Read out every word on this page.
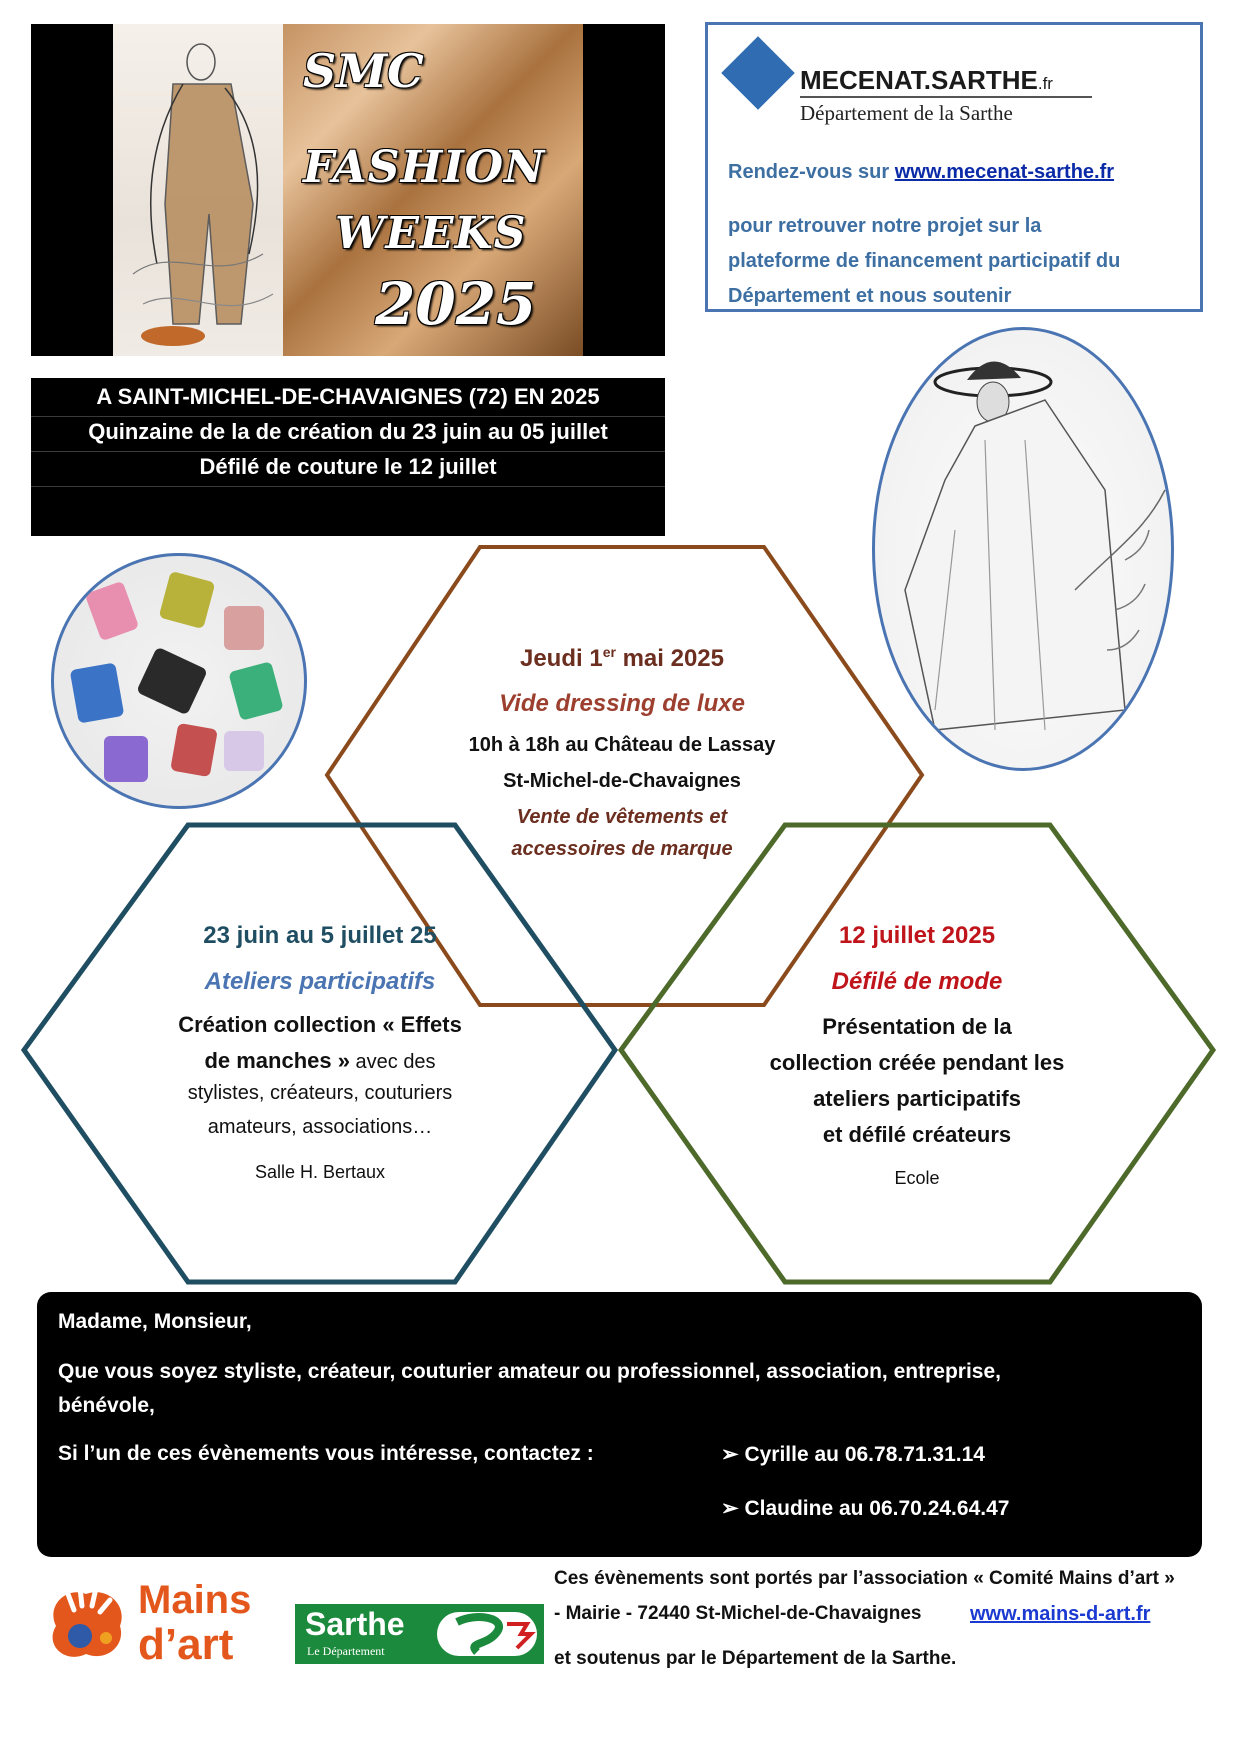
SMC
FASHION
WEEKS
2025
MECENAT.SARTHE.fr
Département de la Sarthe
Rendez-vous sur www.mecenat-sarthe.fr
pour retrouver notre projet sur la
plateforme de financement participatif du
Département et nous soutenir
A SAINT-MICHEL-DE-CHAVAIGNES (72) EN 2025
Quinzaine de la de création du 23 juin au 05 juillet
Défilé de couture le 12 juillet
Jeudi 1er mai 2025
Vide dressing de luxe
10h à 18h au Château de Lassay
St-Michel-de-Chavaignes
Vente de vêtements et
accessoires de marque
23 juin au 5 juillet 25
Ateliers participatifs
Création collection « Effets
de manches » avec des
stylistes, créateurs, couturiers
amateurs, associations…
Salle H. Bertaux
12 juillet 2025
Défilé de mode
Présentation de la
collection créée pendant les
ateliers participatifs
et défilé créateurs
Ecole
Madame, Monsieur,
Que vous soyez styliste, créateur, couturier amateur ou professionnel, association, entreprise,
bénévole,
Si l’un de ces évènements vous intéresse, contactez :	➢ Cyrille au 06.78.71.31.14
➢ Claudine au 06.70.24.64.47
Mains
d’art Sarthe
Le Département
Ces évènements sont portés par l’association « Comité Mains d’art »
- Mairie - 72440 St-Michel-de-Chavaignes www.mains-d-art.fr
et soutenus par le Département de la Sarthe.
